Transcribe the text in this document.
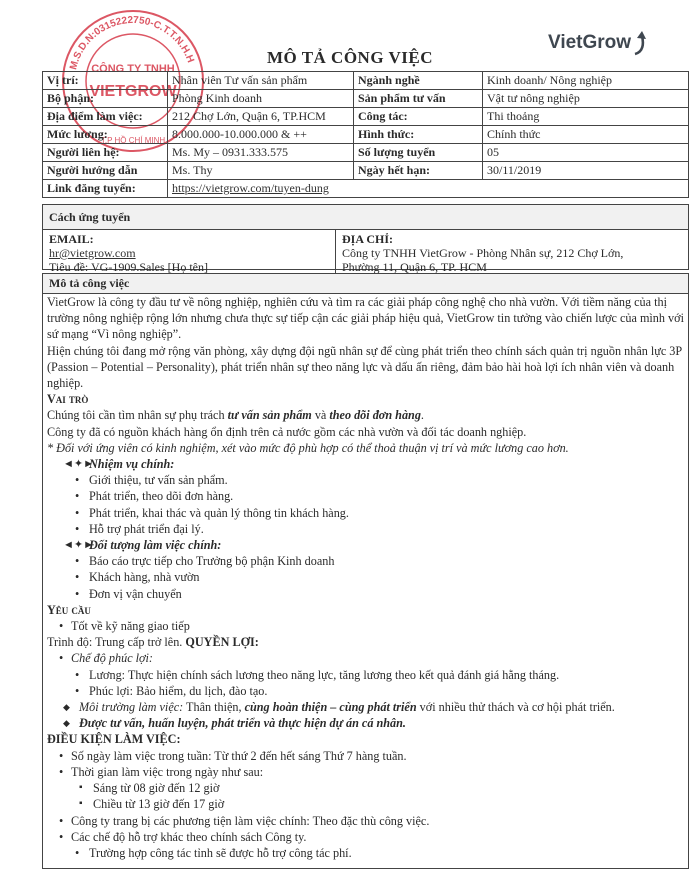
M.S.D.N:0315222750-C.T.T.N.H.H
CÔNG TY TNHH
VIETGROW
T.P HỒ CHÍ MINH
MÔ TẢ CÔNG VIỆC
VietGrow
Vị trí:	Nhân viên Tư vấn sản phẩm	Ngành nghề	Kinh doanh/ Nông nghiệp
Bộ phận:	Phòng Kinh doanh	Sản phẩm tư vấn	Vật tư nông nghiệp
Địa điểm làm việc:	212 Chợ Lớn, Quận 6, TP.HCM	Công tác:	Thi thoảng
Mức lương:	8.000.000-10.000.000 & ++	Hình thức:	Chính thức
Người liên hệ:	Ms. My – 0931.333.575	Số lượng tuyển	05
Người hướng dẫn	Ms. Thy	Ngày hết hạn:	30/11/2019
Link đăng tuyển:	https://vietgrow.com/tuyen-dung		
Cách ứng tuyển
EMAIL:
hr@vietgrow.com
Tiêu đề: VG-1909.Sales [Họ tên]
ĐỊA CHỈ:
Công ty TNHH VietGrow - Phòng Nhân sự, 212 Chợ Lớn,
Phường 11, Quận 6, TP. HCM
Mô tả công việc

VietGrow là công ty đầu tư về nông nghiệp, nghiên cứu và tìm ra các giải pháp công nghệ cho nhà vườn. Với tiềm năng của thị trường nông nghiệp rộng lớn nhưng chưa thực sự tiếp cận các giải pháp hiệu quả, VietGrow tin tưởng vào chiến lược của mình với sứ mạng “Vì nông nghiệp”.

Hiện chúng tôi đang mở rộng văn phòng, xây dựng đội ngũ nhân sự để cùng phát triển theo chính sách quản trị nguồn nhân lực 3P (Passion – Potential – Personality), phát triển nhân sự theo năng lực và dấu ấn riêng, đảm bảo hài hoà lợi ích nhân viên và doanh nghiệp.

Vai trò

Chúng tôi cần tìm nhân sự phụ trách tư vấn sản phẩm và theo dõi đơn hàng.

Công ty đã có nguồn khách hàng ổn định trên cả nước gồm các nhà vườn và đối tác doanh nghiệp.

* Đối với ứng viên có kinh nghiệm, xét vào mức độ phù hợp có thể thoả thuận vị trí và mức lương cao hơn.

◄✦►
Nhiệm vụ chính:
• Giới thiệu, tư vấn sản phẩm.
• Phát triển, theo dõi đơn hàng.
• Phát triển, khai thác và quản lý thông tin khách hàng.
• Hỗ trợ phát triển đại lý.
◄✦►
Đối tượng làm việc chính:
• Báo cáo trực tiếp cho Trưởng bộ phận Kinh doanh
• Khách hàng, nhà vườn
• Đơn vị vận chuyển

Yêu cầu

• Tốt về kỹ năng giao tiếp

Trình độ: Trung cấp trở lên. QUYỀN LỢI:

• Chế độ phúc lợi:
• Lương: Thực hiện chính sách lương theo năng lực, tăng lương theo kết quả đánh giá hằng tháng.
• Phúc lợi: Bảo hiểm, du lịch, đào tạo.
◆ Môi trường làm việc: Thân thiện, cùng hoàn thiện – cùng phát triển với nhiều thử thách và cơ hội phát triển.
◆ Được tư vấn, huấn luyện, phát triển và thực hiện dự án cá nhân.

ĐIỀU KIỆN LÀM VIỆC:

• Số ngày làm việc trong tuần: Từ thứ 2 đến hết sáng Thứ 7 hàng tuần.
• Thời gian làm việc trong ngày như sau:
▪ Sáng từ 08 giờ đến 12 giờ
▪ Chiều từ 13 giờ đến 17 giờ
• Công ty trang bị các phương tiện làm việc chính: Theo đặc thù công việc.
• Các chế độ hỗ trợ khác theo chính sách Công ty.
• Trường hợp công tác tỉnh sẽ được hỗ trợ công tác phí.
